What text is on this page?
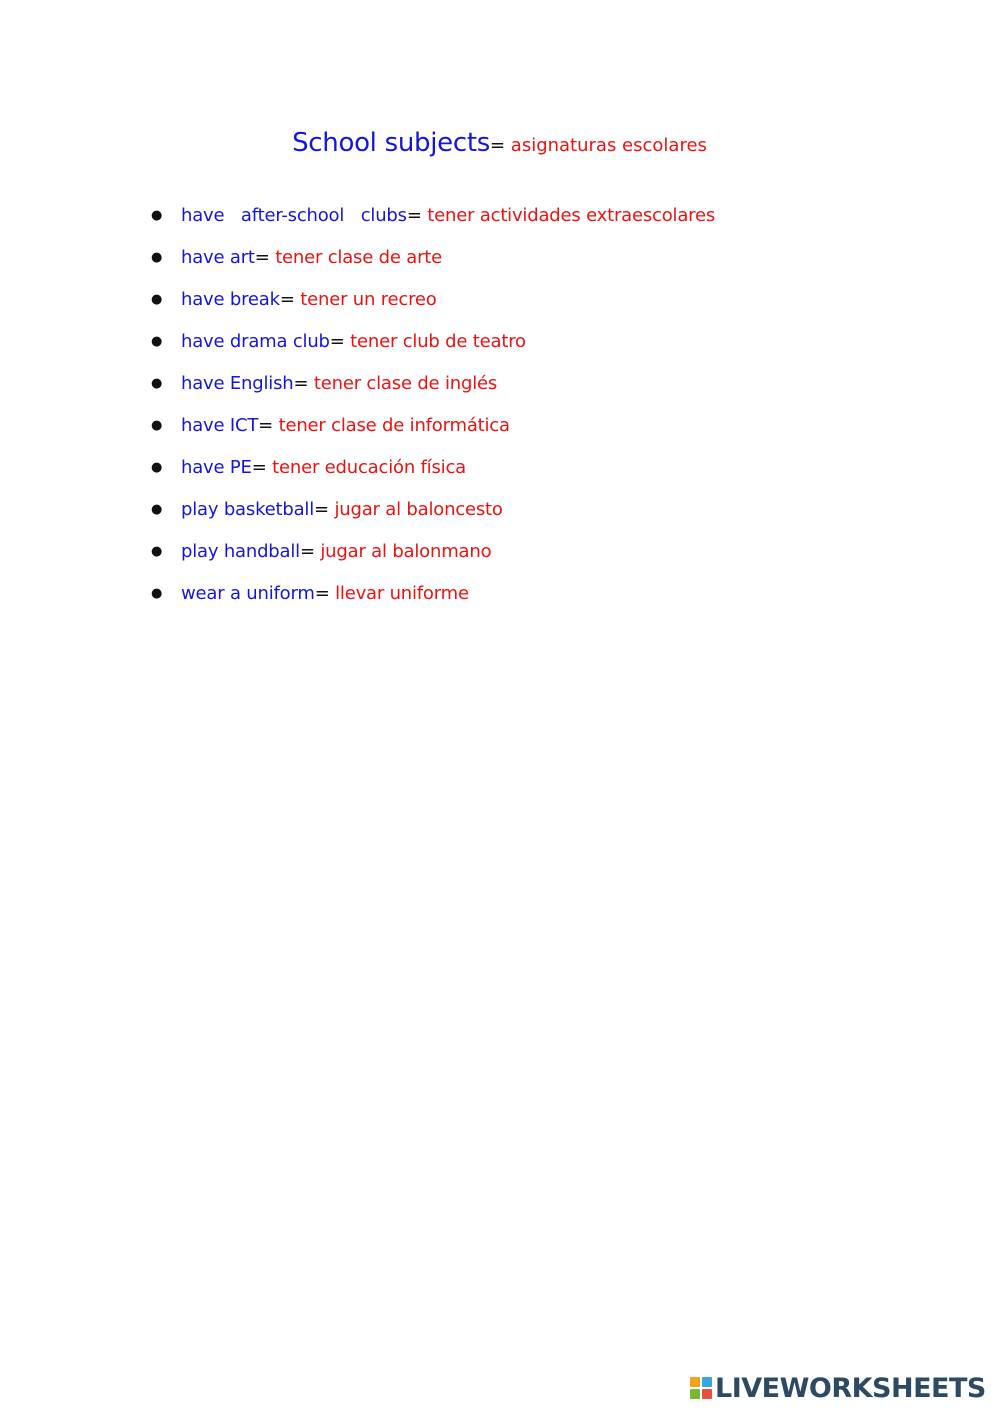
School subjects= asignaturas escolares
● have   after-school   clubs= tener actividades extraescolares
● have art= tener clase de arte
● have break= tener un recreo
● have drama club= tener club de teatro
● have English= tener clase de inglés
● have ICT= tener clase de informática
● have PE= tener educación física
● play basketball= jugar al baloncesto
● play handball= jugar al balonmano
● wear a uniform= llevar uniforme
LIVEWORKSHEETS
